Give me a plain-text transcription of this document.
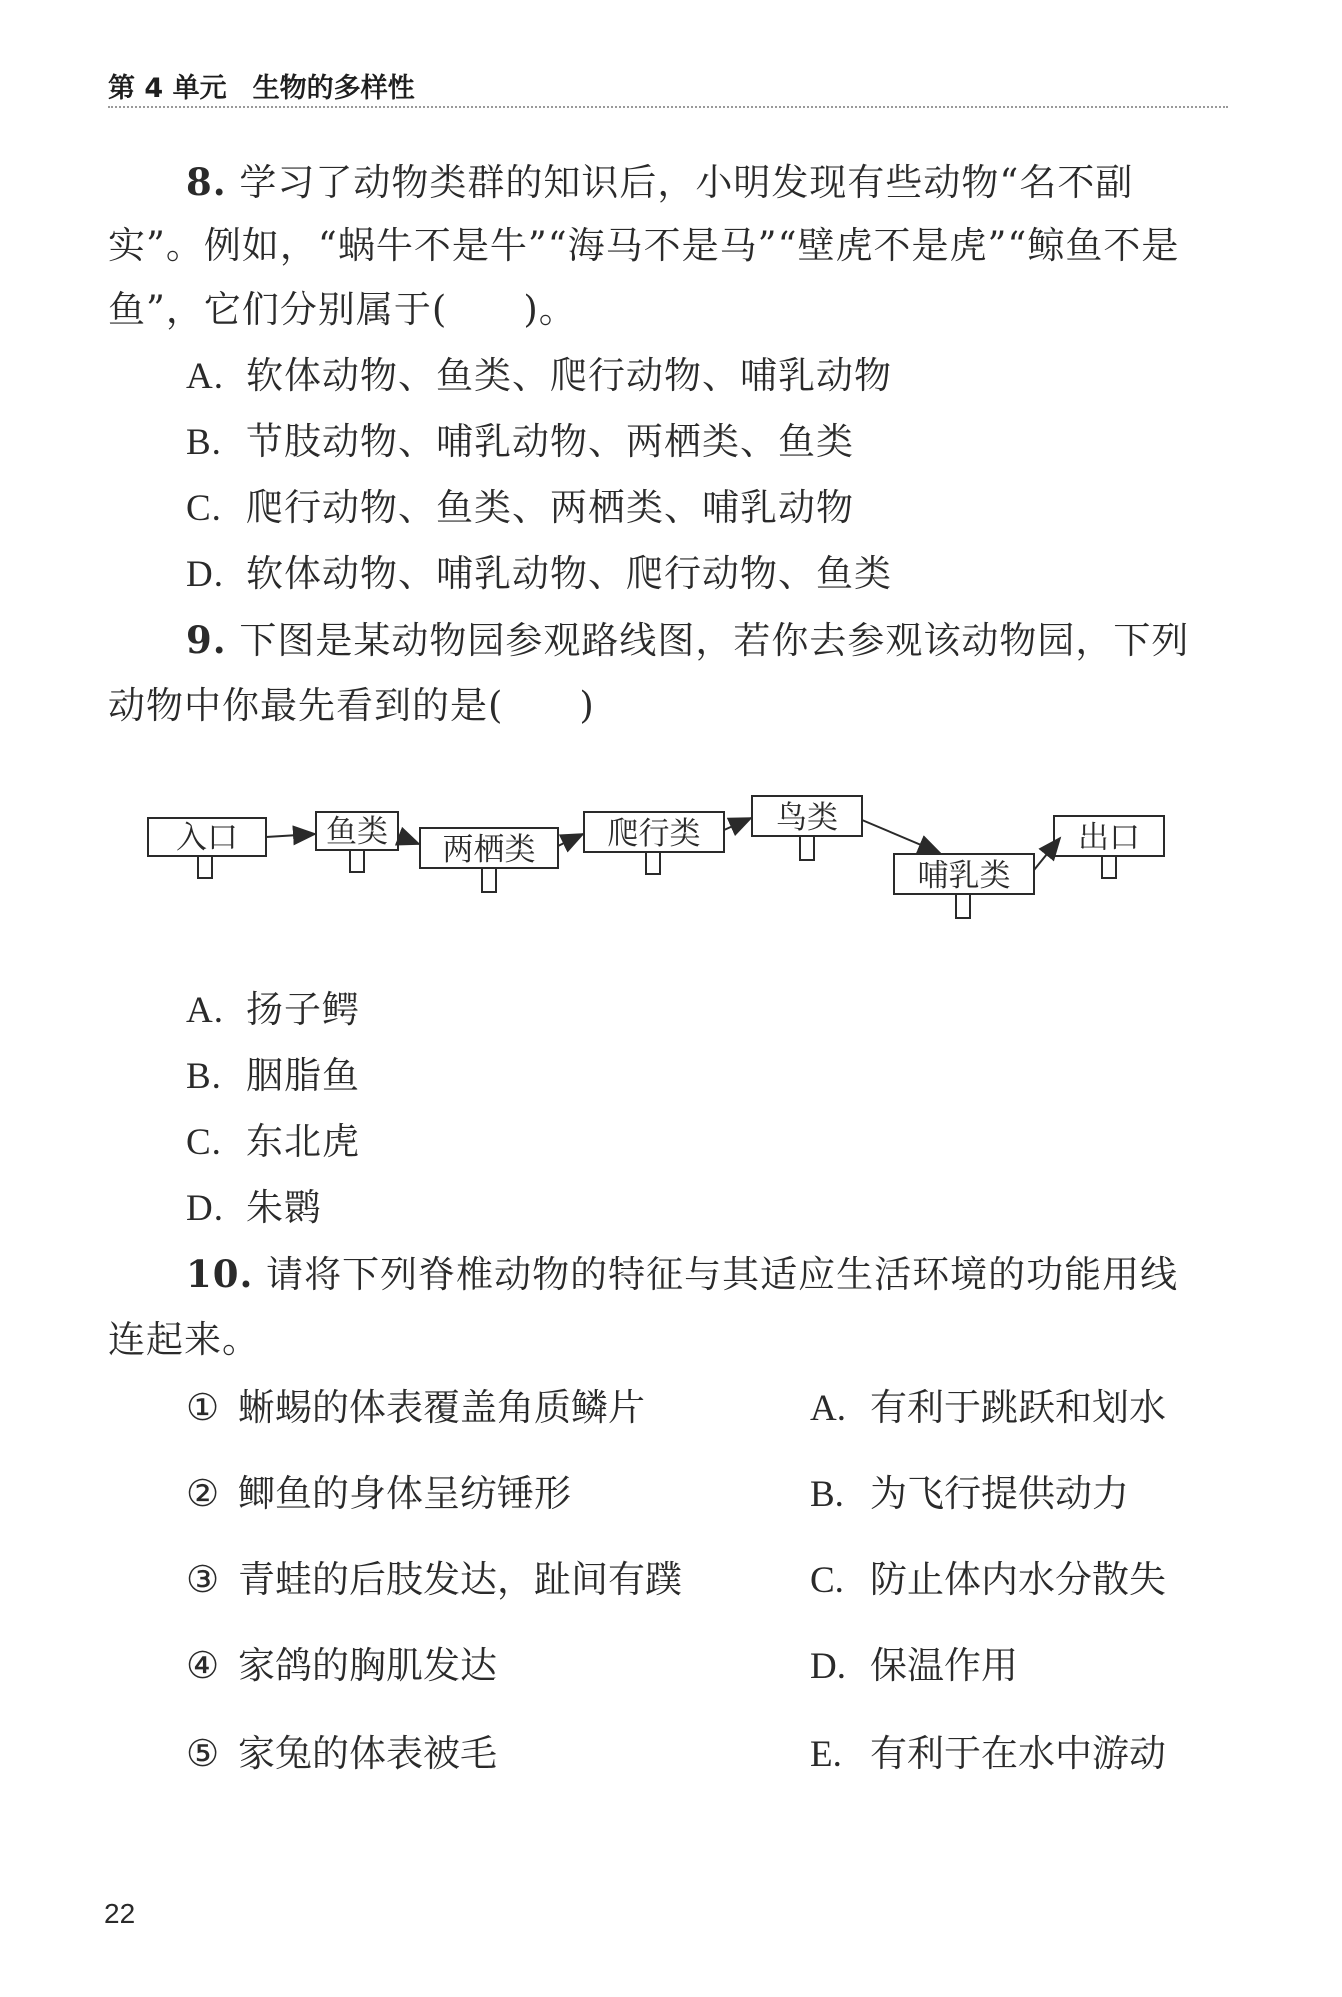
第 4 单元 生物的多样性
8. 学习了动物类群的知识后，小明发现有些动物“名不副
实”。例如，“蜗牛不是牛”“海马不是马”“壁虎不是虎”“鲸鱼不是
鱼”，它们分别属于(　　)。
A. 软体动物、鱼类、爬行动物、哺乳动物
B. 节肢动物、哺乳动物、两栖类、鱼类
C. 爬行动物、鱼类、两栖类、哺乳动物
D. 软体动物、哺乳动物、爬行动物、鱼类
9. 下图是某动物园参观路线图，若你去参观该动物园，下列
动物中你最先看到的是(　　)
入口	鱼类 两栖类 爬行类 鸟类
哺乳类
出口
A. 扬子鳄
B. 胭脂鱼
C. 东北虎
D. 朱鹮
10. 请将下列脊椎动物的特征与其适应生活环境的功能用线
连起来。
① 蜥蜴的体表覆盖角质鳞片	A. 有利于跳跃和划水
② 鲫鱼的身体呈纺锤形	B. 为飞行提供动力
③ 青蛙的后肢发达，趾间有蹼	C. 防止体内水分散失
④ 家鸽的胸肌发达	D. 保温作用
⑤ 家兔的体表被毛	E. 有利于在水中游动
22
